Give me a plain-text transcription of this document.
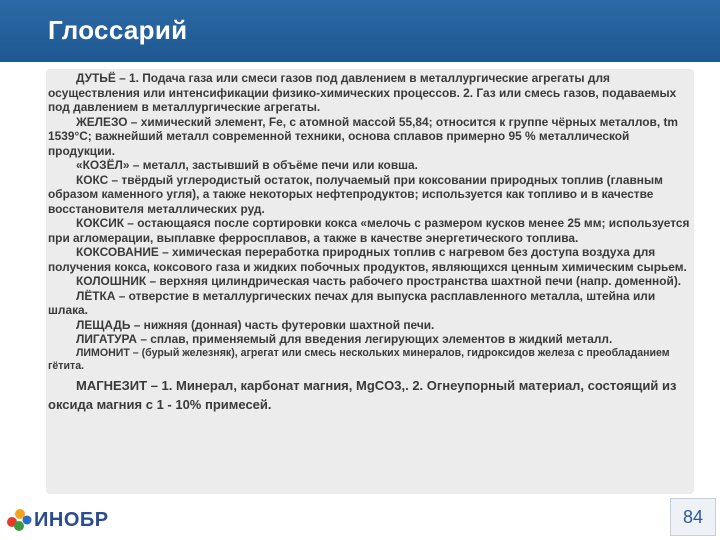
Глоссарий

ДУТЬЁ – 1. Подача газа или смеси газов под давлением в металлургические агрегаты для осуществления или интенсификации физико-химических процессов. 2. Газ или смесь газов, подаваемых под давлением в металлургические агрегаты.

ЖЕЛЕЗО – химический элемент, Fe, с атомной массой 55,84; относится к группе чёрных металлов, tm 1539°С; важнейший металл современной техники, основа сплавов примерно 95 % металлической продукции.

«КОЗЁЛ» – металл, застывший в объёме печи или ковша.

КОКС – твёрдый углеродистый остаток, получаемый при коксовании природных топлив (главным образом каменного угля), а также некоторых нефтепродуктов; используется как топливо и в качестве восстановителя металлических руд.

КОКСИК – остающаяся после сортировки кокса «мелочь с размером кусков менее 25 мм; используется при агломерации, выплавке ферросплавов, а также в качестве энергетического топлива.

КОКСОВАНИЕ – химическая переработка природных топлив с нагревом без доступа воздуха для получения кокса, коксового газа и жидких побочных продуктов, являющихся ценным химическим сырьем.

КОЛОШНИК – верхняя цилиндрическая часть рабочего пространства шахтной печи (напр. доменной).

ЛЁТКА – отверстие в металлургических печах для выпуска расплавленного металла, штейна или шлака.

ЛЕЩАДЬ – нижняя (донная) часть футеровки шахтной печи.

ЛИГАТУРА – сплав, применяемый для введения легирующих элементов в жидкий металл.

ЛИМОНИТ – (бурый железняк), агрегат или смесь нескольких минералов, гидроксидов железа с преобладанием гётита.

МАГНЕЗИТ – 1. Минерал, карбонат магния, MgCO3,. 2. Огнеупорный материал, состоящий из оксида магния с 1 - 10% примесей.

ИНОБР	84
